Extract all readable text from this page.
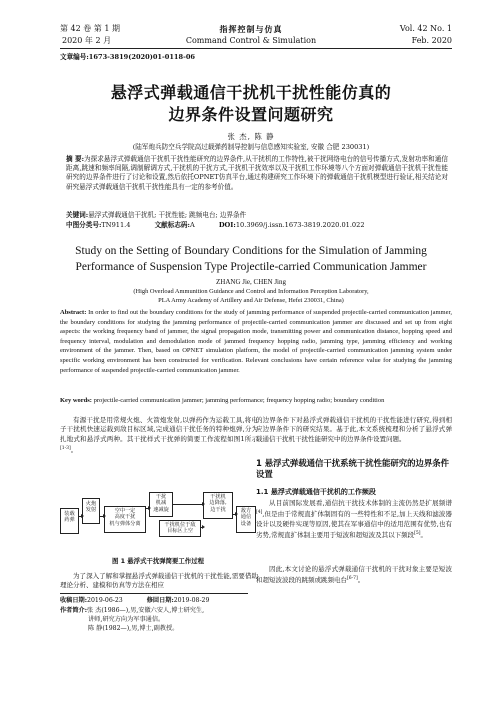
第 42 卷 第 1 期
2020 年 2 月
指挥控制与仿真
Command Control & Simulation
Vol. 42 No. 1
Feb. 2020
文章编号:1673-3819(2020)01-0118-06
悬浮式弹载通信干扰机干扰性能仿真的
边界条件设置问题研究
张 杰, 陈 静
(陆军炮兵防空兵学院高过载弹药制导控制与信息感知实验室, 安徽 合肥 230031)
摘 要:为探求悬浮式弹载通信干扰机干扰性能研究的边界条件,从干扰机的工作特性,被干扰网络电台的信号传播方式,发射功率和通信距离,跳速和频率间隔,调制解调方式,干扰机的干扰方式,干扰机干扰效率以及干扰机工作环境等八个方面对弹载通信干扰机干扰性能研究的边界条件进行了讨论和设置,然后依托OPNET仿真平台,通过构建研究工作环境下的弹载通信干扰机模型进行验证,相关结论对研究悬浮式弹载通信干扰机干扰性能具有一定的参考价值。
关键词:悬浮式弹载通信干扰机; 干扰性能; 跳频电台; 边界条件
中图分类号:TN911.4	文献标志码:A	DOI:10.3969/j.issn.1673-3819.2020.01.022
Study on the Setting of Boundary Conditions for the Simulation of Jamming
Performance of Suspension Type Projectile-carried Communication Jammer
ZHANG Jie, CHEN Jing
(High Overload Ammunition Guidance and Control and Information Perception Laboratory,
PLA Army Academy of Artillery and Air Defense, Hefei 230031, China)
Abstract: In order to find out the boundary conditions for the study of jamming performance of suspended projectile-carried communication jammer, the boundary conditions for studying the jamming performance of projectile-carried communication jammer are discussed and set up from eight aspects: the working frequency band of jammer, the signal propagation mode, transmitting power and communication distance, hopping speed and frequency interval, modulation and demodulation mode of jammed frequency hopping radio, jamming type, jamming efficiency and working environment of the jammer. Then, based on OPNET simulation platform, the model of projectile-carried communication jamming system under specific working environment has been constructed for verification. Relevant conclusions have certain reference value for studying the jamming performance of suspended projectile-carried communication jammer.
Key words: projectile-carried communication jammer; jamming performance; frequency hopping radio; boundary condition
有源干扰是用常规火炮、火箭炮发射,以弹药作为运载工具,将电子干扰机快速运载到敌目标区域,完成通信干扰任务的特种炮弹,分为扎地式和悬浮式两种。其干扰样式干扰弹的简要工作流程如图1所示[1-3]。
装载
药弹
火炮
发射	空中一定
高度干扰
机与弹体分离
干扰
机减
速减旋
干扰机位于敌
目标区上空
干扰机
边降落,
边干扰	敌方
通信
设备
图 1 悬浮式干扰弹简要工作过程
为了深入了解和掌握悬浮式弹载通信干扰机的干扰性能,需要借助理论分析、建模和仿真等方法在相应
收稿日期:2019-06-23	修回日期:2019-08-29
作者简介:张 杰(1986—),男,安徽六安人,博士研究生,
讲师,研究方向为军事通信。
陈 静(1982—),男,博士,副教授。
的边界条件下对悬浮式弹载通信干扰机的干扰性能进行研究,得到相应边界条件下的研究结果。基于此,本文系统梳理和分析了悬浮式弹载通信干扰机干扰性能研究中的边界条件设置问题。
1 悬浮式弹载通信干扰系统干扰性能研究的边界条件设置
1.1 悬浮式弹载通信干扰机的工作频段
从目前国际发展看,通信抗干扰技术体制的主流仍然是扩展频谱[4],但是由于常规直扩体制固有的一些特性和不足,加上天线和滤波器设计以及硬件实现等原因,使其在军事通信中的适用范围有优势,也有劣势,常规直扩体制主要用于短波和超短波及其以下频段[5]。
因此,本文讨论的悬浮式弹载通信干扰机的干扰对象主要是短波和超短波波段的跳频或跳频电台[6-7]。
